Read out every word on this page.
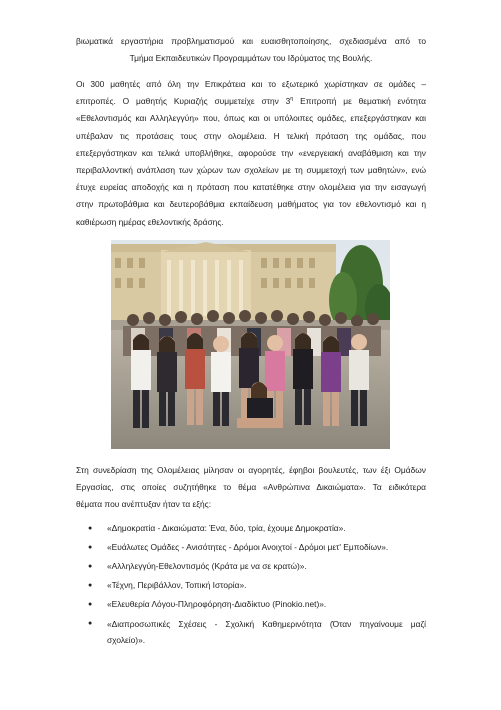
βιωματικά εργαστήρια προβληματισμού και ευαισθητοποίησης, σχεδιασμένα από το
Τμήμα Εκπαιδευτικών Προγραμμάτων του Ιδρύματος της Βουλής.
Οι 300 μαθητές από όλη την Επικράτεια και το εξωτερικό χωρίστηκαν σε ομάδες –
επιτροπές. Ο μαθητής Κυριαζής συμμετείχε στην $3^\eta$ Επιτροπή με θεματική ενότητα
«Εθελοντισμός και Αλληλεγγύη» που, όπως και οι υπόλοιπες ομάδες, επεξεργάστηκαν και
υπέβαλαν τις προτάσεις τους στην ολομέλεια. Η τελική πρόταση της ομάδας, που
επεξεργάστηκαν και τελικά υποβλήθηκε, αφορούσε την «ενεργειακή αναβάθμιση και την
περιβαλλοντική ανάπλαση των χώρων των σχολείων με τη συμμετοχή των μαθητών», ενώ
έτυχε ευρείας αποδοχής και η πρόταση που κατατέθηκε στην ολομέλεια για την εισαγωγή
στην πρωτοβάθμια και δευτεροβάθμια εκπαίδευση μαθήματος για τον εθελοντισμό και η
καθιέρωση ημέρας εθελοντικής δράσης.
Στη συνεδρίαση της Ολομέλειας μίλησαν οι αγορητές, έφηβοι βουλευτές, των έξι Ομάδων
Εργασίας, στις οποίες συζητήθηκε το θέμα «Ανθρώπινα Δικαιώματα». Τα ειδικότερα
θέματα που ανέπτυξαν ήταν τα εξής:
● «Δημοκρατία - Δικαιώματα: Ένα, δύο, τρία, έχουμε Δημοκρατία».
● «Ευάλωτες Ομάδες - Ανισότητες - Δρόμοι Ανοιχτοί - Δρόμοι μετ' Εμποδίων».
● «Αλληλεγγύη-Εθελοντισμός (Κράτα με να σε κρατώ)».
● «Τέχνη, Περιβάλλον, Τοπική Ιστορία».
● «Ελευθερία Λόγου-Πληροφόρηση-Διαδίκτυο (Pinokio.net)».
● «Διαπροσωπικές Σχέσεις - Σχολική Καθημερινότητα (Όταν πηγαίνουμε μαζί
σχολείο)».
